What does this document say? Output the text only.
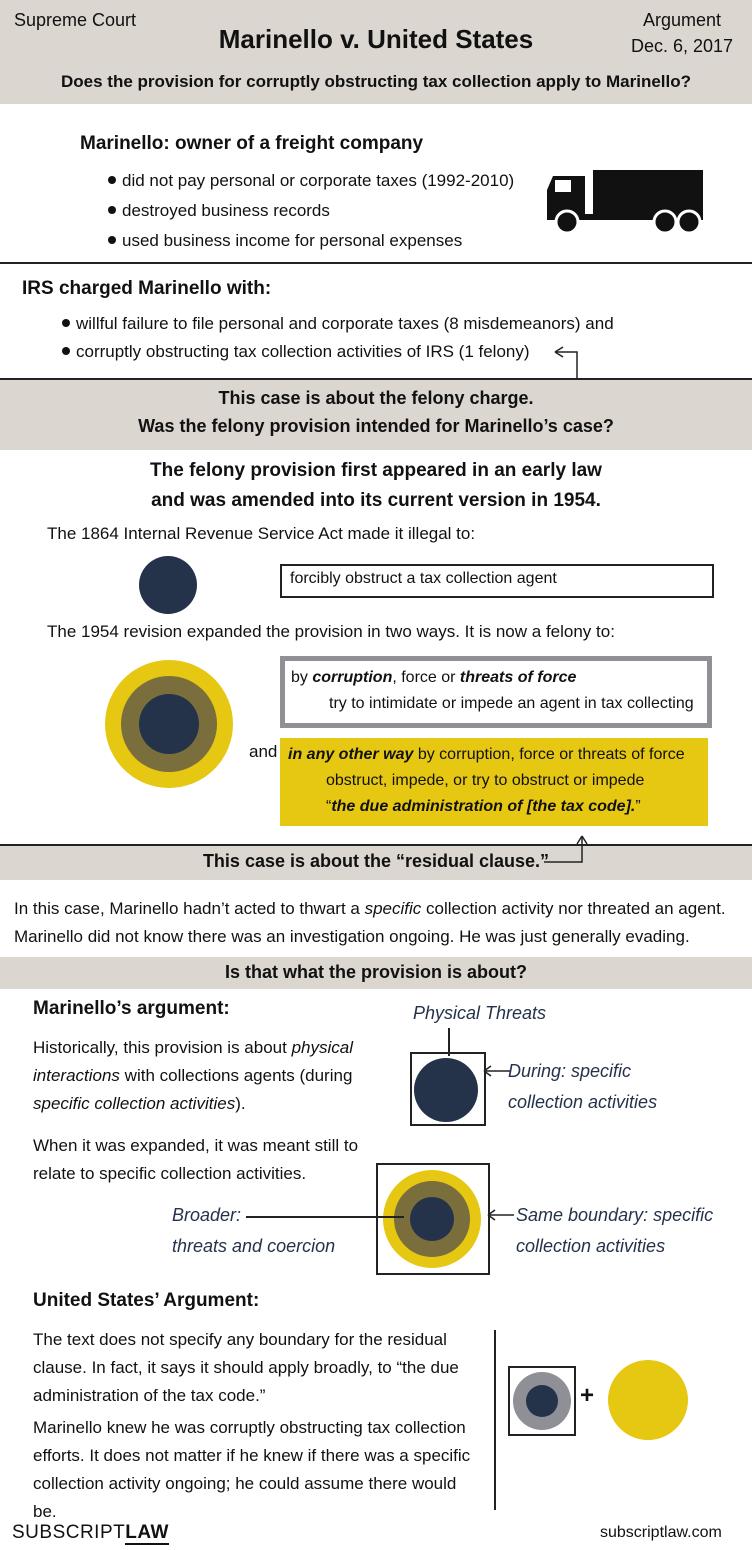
Supreme Court
Marinello v. United States
Argument
Dec. 6, 2017
Does the provision for corruptly obstructing tax collection apply to Marinello?
Marinello: owner of a freight company
did not pay personal or corporate taxes (1992-2010)
destroyed business records
used business income for personal expenses
IRS charged Marinello with:
willful failure to file personal and corporate taxes (8 misdemeanors) and
corruptly obstructing tax collection activities of IRS (1 felony)
This case is about the felony charge.
Was the felony provision intended for Marinello’s case?
The felony provision first appeared in an early law
and was amended into its current version in 1954.
The 1864 Internal Revenue Service Act made it illegal to:
forcibly obstruct a tax collection agent
The 1954 revision expanded the provision in two ways. It is now a felony to:
by corruption, force or threats of force
try to intimidate or impede an agent in tax collecting
and in any other way by corruption, force or threats of force
obstruct, impede, or try to obstruct or impede
“the due administration of [the tax code].”
This case is about the “residual clause.”
In this case, Marinello hadn’t acted to thwart a specific collection activity nor threated an agent.
Marinello did not know there was an investigation ongoing. He was just generally evading.
Is that what the provision is about?
Marinello’s argument:
Historically, this provision is about physical interactions with collections agents (during specific collection activities).
When it was expanded, it was meant still to relate to specific collection activities.
Physical Threats
During: specific
collection activities
Broader:
threats and coercion
Same boundary: specific
collection activities
United States’ Argument:
The text does not specify any boundary for the residual clause. In fact, it says it should apply broadly, to “the due administration of the tax code.”
Marinello knew he was corruptly obstructing tax collection efforts. It does not matter if he knew if there was a specific collection activity ongoing; he could assume there would be.
+
SUBSCRIPTLAW	subscriptlaw.com
